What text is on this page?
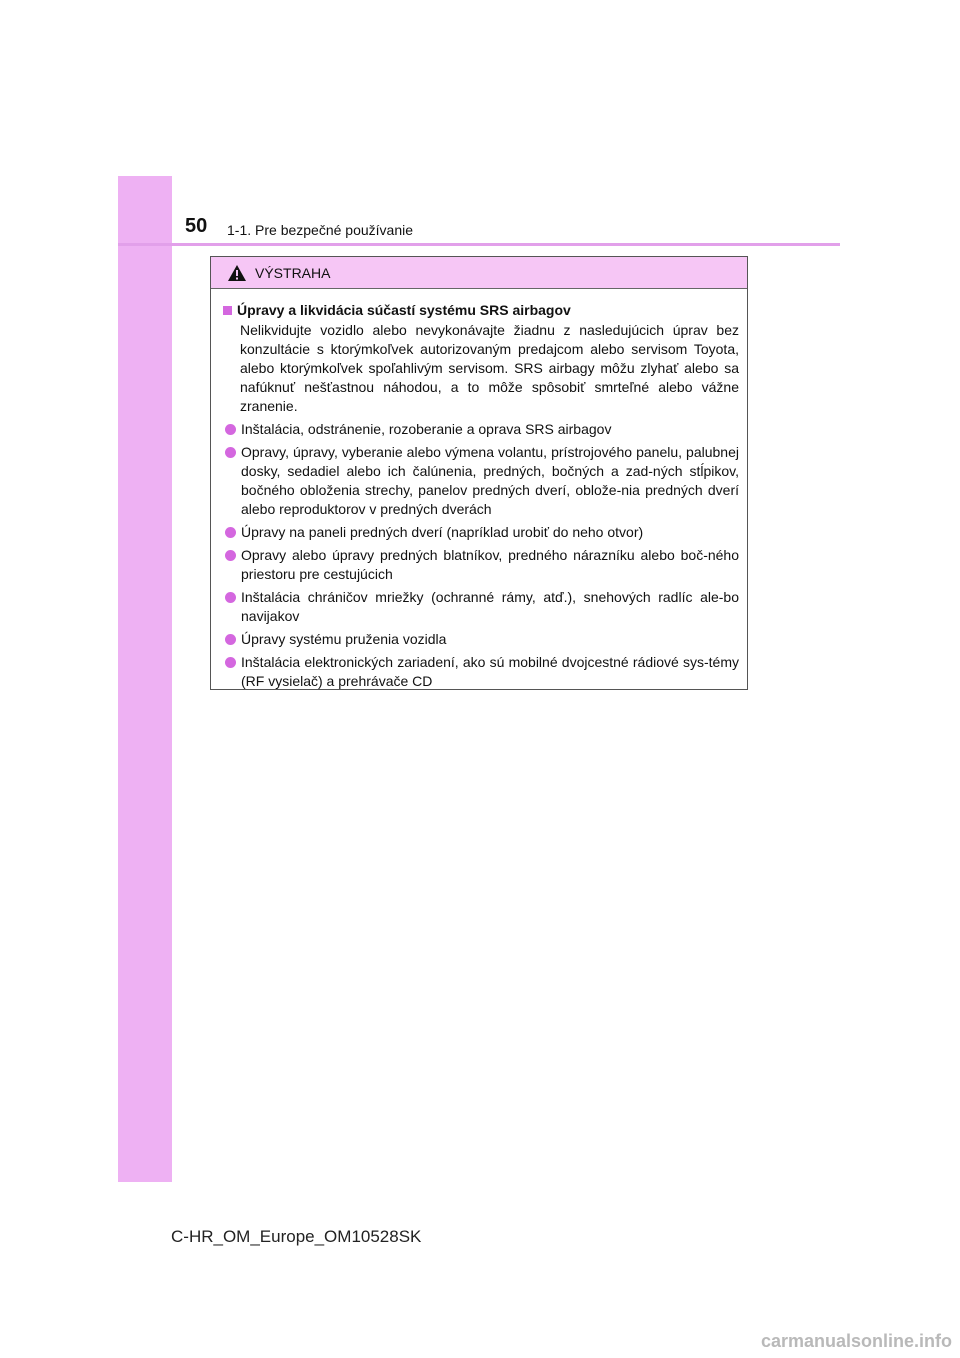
50 1-1. Pre bezpečné používanie
VÝSTRAHA
Úpravy a likvidácia súčastí systému SRS airbagov

Nelikvidujte vozidlo alebo nevykonávajte žiadnu z nasledujúcich úprav bez konzultácie s ktorýmkoľvek autorizovaným predajcom alebo servisom Toyota, alebo ktorýmkoľvek spoľahlivým servisom. SRS airbagy môžu zlyhať alebo sa nafúknuť nešťastnou náhodou, a to môže spôsobiť smrteľné alebo vážne zranenie.

Inštalácia, odstránenie, rozoberanie a oprava SRS airbagov
Opravy, úpravy, vyberanie alebo výmena volantu, prístrojového panelu, palubnej dosky, sedadiel alebo ich čalúnenia, predných, bočných a zad-ných stĺpikov, bočného obloženia strechy, panelov predných dverí, oblože-nia predných dverí alebo reproduktorov v predných dverách
Úpravy na paneli predných dverí (napríklad urobiť do neho otvor)
Opravy alebo úpravy predných blatníkov, predného nárazníku alebo boč-ného priestoru pre cestujúcich
Inštalácia chráničov mriežky (ochranné rámy, atď.), snehových radlíc ale-bo navijakov
Úpravy systému pruženia vozidla
Inštalácia elektronických zariadení, ako sú mobilné dvojcestné rádiové sys-témy (RF vysielač) a prehrávače CD
C-HR_OM_Europe_OM10528SK
carmanualsonline.info
